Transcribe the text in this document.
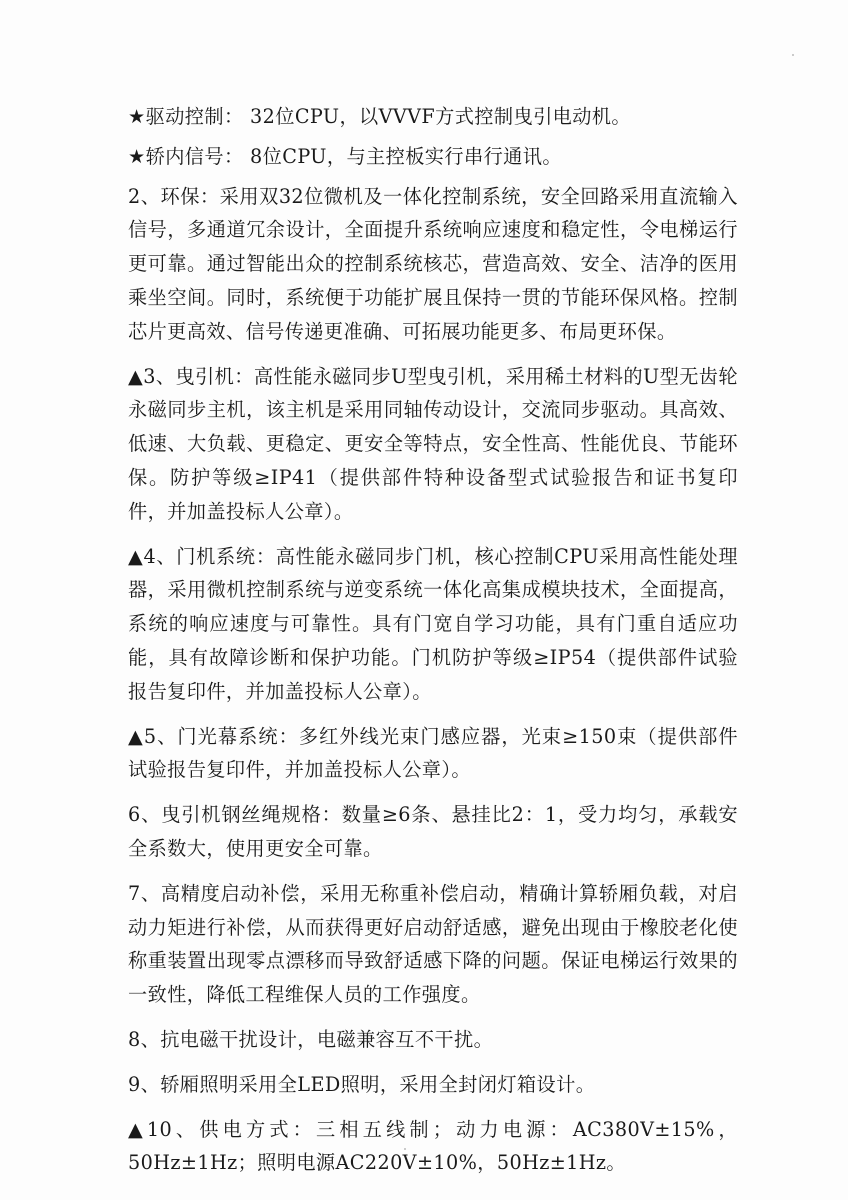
★驱动控制： 32位CPU，以VVVF方式控制曳引电动机。

★轿内信号： 8位CPU，与主控板实行串行通讯。

2、环保：采用双32位微机及一体化控制系统，安全回路采用直流输入信号，多通道冗余设计，全面提升系统响应速度和稳定性，令电梯运行更可靠。通过智能出众的控制系统核芯，营造高效、安全、洁净的医用乘坐空间。同时，系统便于功能扩展且保持一贯的节能环保风格。控制芯片更高效、信号传递更准确、可拓展功能更多、布局更环保。

▲3、曳引机：高性能永磁同步U型曳引机，采用稀土材料的U型无齿轮永磁同步主机，该主机是采用同轴传动设计，交流同步驱动。具高效、低速、大负载、更稳定、更安全等特点，安全性高、性能优良、节能环保。防护等级≥IP41（提供部件特种设备型式试验报告和证书复印件，并加盖投标人公章）。

▲4、门机系统：高性能永磁同步门机，核心控制CPU采用高性能处理器，采用微机控制系统与逆变系统一体化高集成模块技术，全面提高，系统的响应速度与可靠性。具有门宽自学习功能，具有门重自适应功能，具有故障诊断和保护功能。门机防护等级≥IP54（提供部件试验报告复印件，并加盖投标人公章）。

▲5、门光幕系统：多红外线光束门感应器，光束≥150束（提供部件试验报告复印件，并加盖投标人公章）。

6、曳引机钢丝绳规格：数量≥6条、悬挂比2：1，受力均匀，承载安全系数大，使用更安全可靠。

7、高精度启动补偿，采用无称重补偿启动，精确计算轿厢负载，对启动力矩进行补偿，从而获得更好启动舒适感，避免出现由于橡胶老化使称重装置出现零点漂移而导致舒适感下降的问题。保证电梯运行效果的一致性，降低工程维保人员的工作强度。

8、抗电磁干扰设计，电磁兼容互不干扰。

9、轿厢照明采用全LED照明，采用全封闭灯箱设计。

▲10、供电方式：三相五线制；动力电源：AC380V±15%，50Hz±1Hz；照明电源AC220V±10%，50Hz±1Hz。
